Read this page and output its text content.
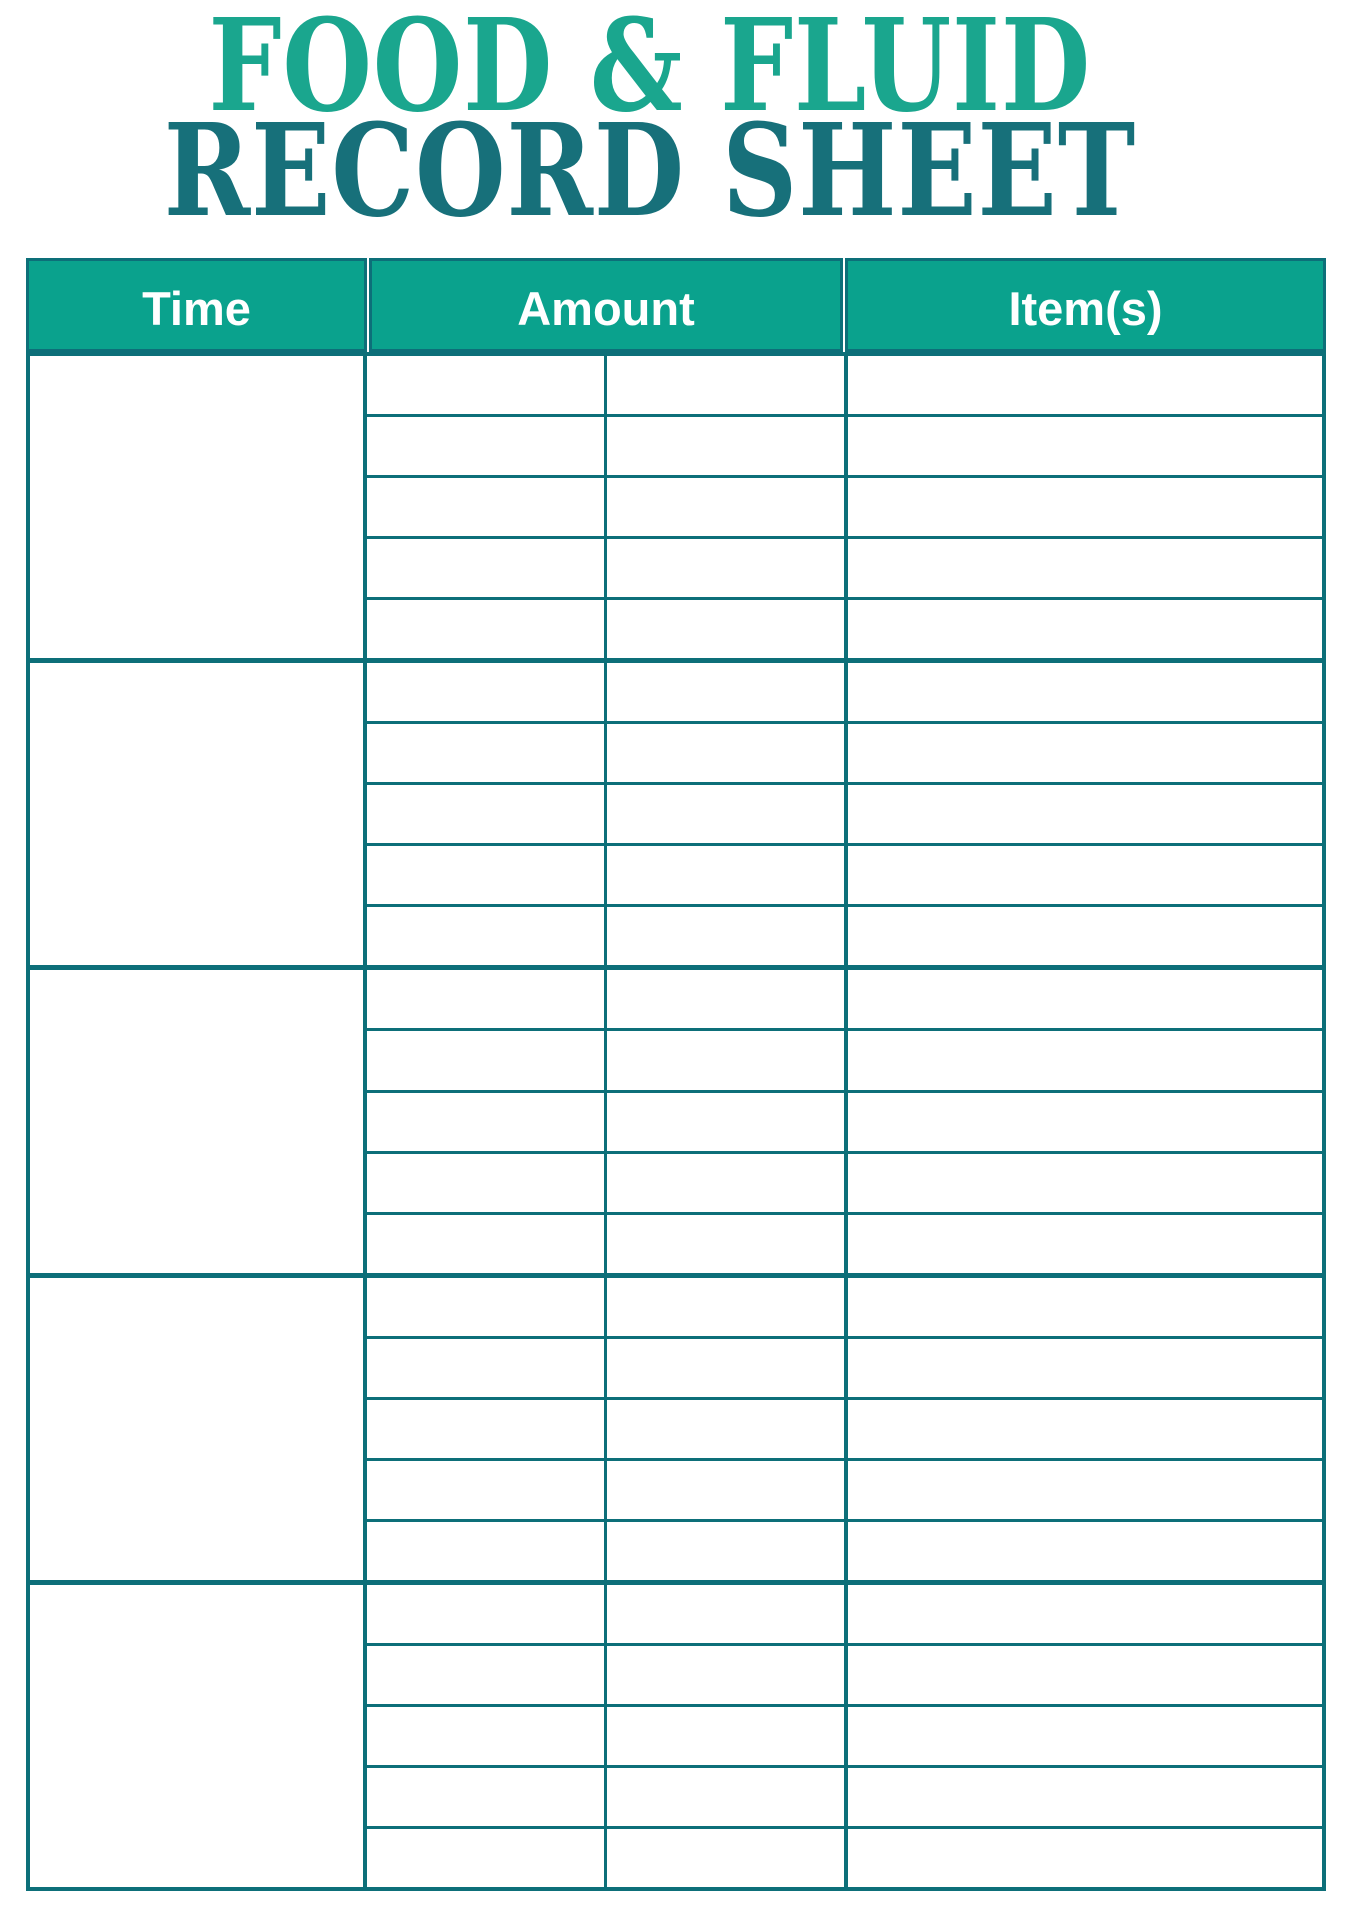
FOOD & FLUID
RECORD SHEET
Time	Amount	Item(s)
